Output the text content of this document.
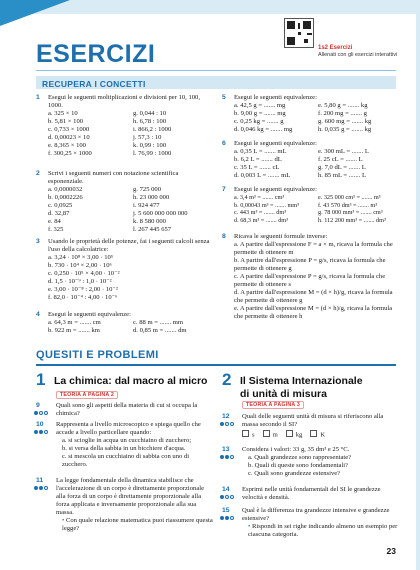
ESERCIZI	1s2 Esercizi
Allenati con gli esercizi interattivi
RECUPERA I CONCETTI
1 Esegui le seguenti moltiplicazioni e divisioni per 10, 100, 1000.
a. 325 × 10	g. 0,044 : 10
b. 5,81 × 100	h. 6,78 : 100
c. 0,733 × 1000	i. 866,2 : 1000
d. 0,00023 × 10	j. 57,3 : 10
e. 8,365 × 100	k. 0,99 : 100
f. 300,25 × 1000	l. 76,99 : 1000
2 Scrivi i seguenti numeri con notazione scientifica esponenziale.
a. 0,0000032	g. 725 000
b. 0,0002226	h. 23 000 000
c. 0,0925	i. 924 477
d. 32,87	j. 5 600 000 000 000
e. 84	k. 8 580 000
f. 325	l. 267 445 657
3 Usando le proprietà delle potenze, fai i seguenti calcoli senza l'uso della calcolatrice:
a. 3,24 · 10⁸ × 3,00 · 10⁵
b. 730 · 10⁴ × 2,00 · 10⁶
c. 0,250 · 10⁵ × 4,00 · 10⁻²
d. 1,5 · 10⁻⁹ : 1,0 · 10⁻²
e. 3,00 · 10⁻⁸ : 2,00 · 10⁻²
f. 82,0 · 10⁻⁴ : 4,00 · 10⁻⁶
4 Esegui le seguenti equivalenze:
a. 64,3 m = ....... cm	c. 88 m = ....... mm
b. 922 m = ....... km	d. 0,85 m = ....... dm
5 Esegui le seguenti equivalenze:
a. 42,5 g = ....... mg	e. 5,80 g = ....... kg
b. 9,00 g = ....... mg	f. 200 mg = ....... g
c. 0,25 kg = ....... g	g. 600 mg = ....... kg
d. 0,046 kg = ....... mg	h. 0,035 g = ....... kg
6 Esegui le seguenti equivalenze:
a. 0,35 L = ....... mL	e. 300 mL = ....... L
b. 6,2 L = ....... dL	f. 25 cL = ....... L
c. 35 L = ....... cL	g. 7,0 dL = ....... L
d. 0,003 L = ....... mL	h. 85 mL = ....... L
7 Esegui le seguenti equivalenze:
a. 3,4 m³ = ....... cm³	e. 325 000 cm³ = ....... m³
b. 0,00043 m³ = ....... mm³	f. 43 570 dm³ = ....... m³
c. 443 m³ = ....... dm³	g. 78 000 mm³ = ....... cm³
d. 68,3 m³ = ....... dm³	h. 112 200 mm³ = ....... dm³
8 Ricava le seguenti formule inverse:
a. A partire dall'espressione F = a × m, ricava la formula che permette di ottenere m
b. A partire dall'espressione P = g/s, ricava la formula che permette di ottenere g
c. A partire dall'espressione P = g/s, ricava la formula che permette di ottenere s
d. A partire dall'espressione M = (d × h)/g, ricava la formula che permette di ottenere g
e. A partire dall'espressione M = (d × h)/g, ricava la formula che permette di ottenere h
QUESITI E PROBLEMI
1 La chimica: dal macro al micro
TEORIA A PAGINA 2
2 Il Sistema Internazionale
di unità di misura
TEORIA A PAGINA 3
9 Quali sono gli aspetti della materia di cui si occupa la chimica?
10 Rappresenta a livello microscopico e spiega quello che accade a livello particellare quando:
a. si scioglie in acqua un cucchiaino di zucchero;
b. si versa della sabbia in un bicchiere d'acqua.
c. si mescola un cucchiaino di sabbia con uno di zucchero.
11 La legge fondamentale della dinamica stabilisce che l'accelerazione di un corpo è direttamente proporzionale alla forza di un corpo è direttamente proporzionale alla forza applicata e inversamente proporzionale alla sua massa.
• Con quale relazione matematica puoi riassumere questa legge?
12 Quali delle seguenti unità di misura si riferiscono alla massa secondo il SI?
s	m	kg	K
13 Considera i valori: 33 g, 35 dm³ e 25 °C.
a. Quali grandezze sono rappresentate?
b. Quali di queste sono fondamentali?
c. Quali sono grandezze estensive?
14 Esprimi nelle unità fondamentali del SI le grandezze velocità e densità.
15 Qual è la differenza tra grandezze intensive e grandezze estensive?
• Rispondi in sei righe indicando almeno un esempio per ciascuna categoria.
23
